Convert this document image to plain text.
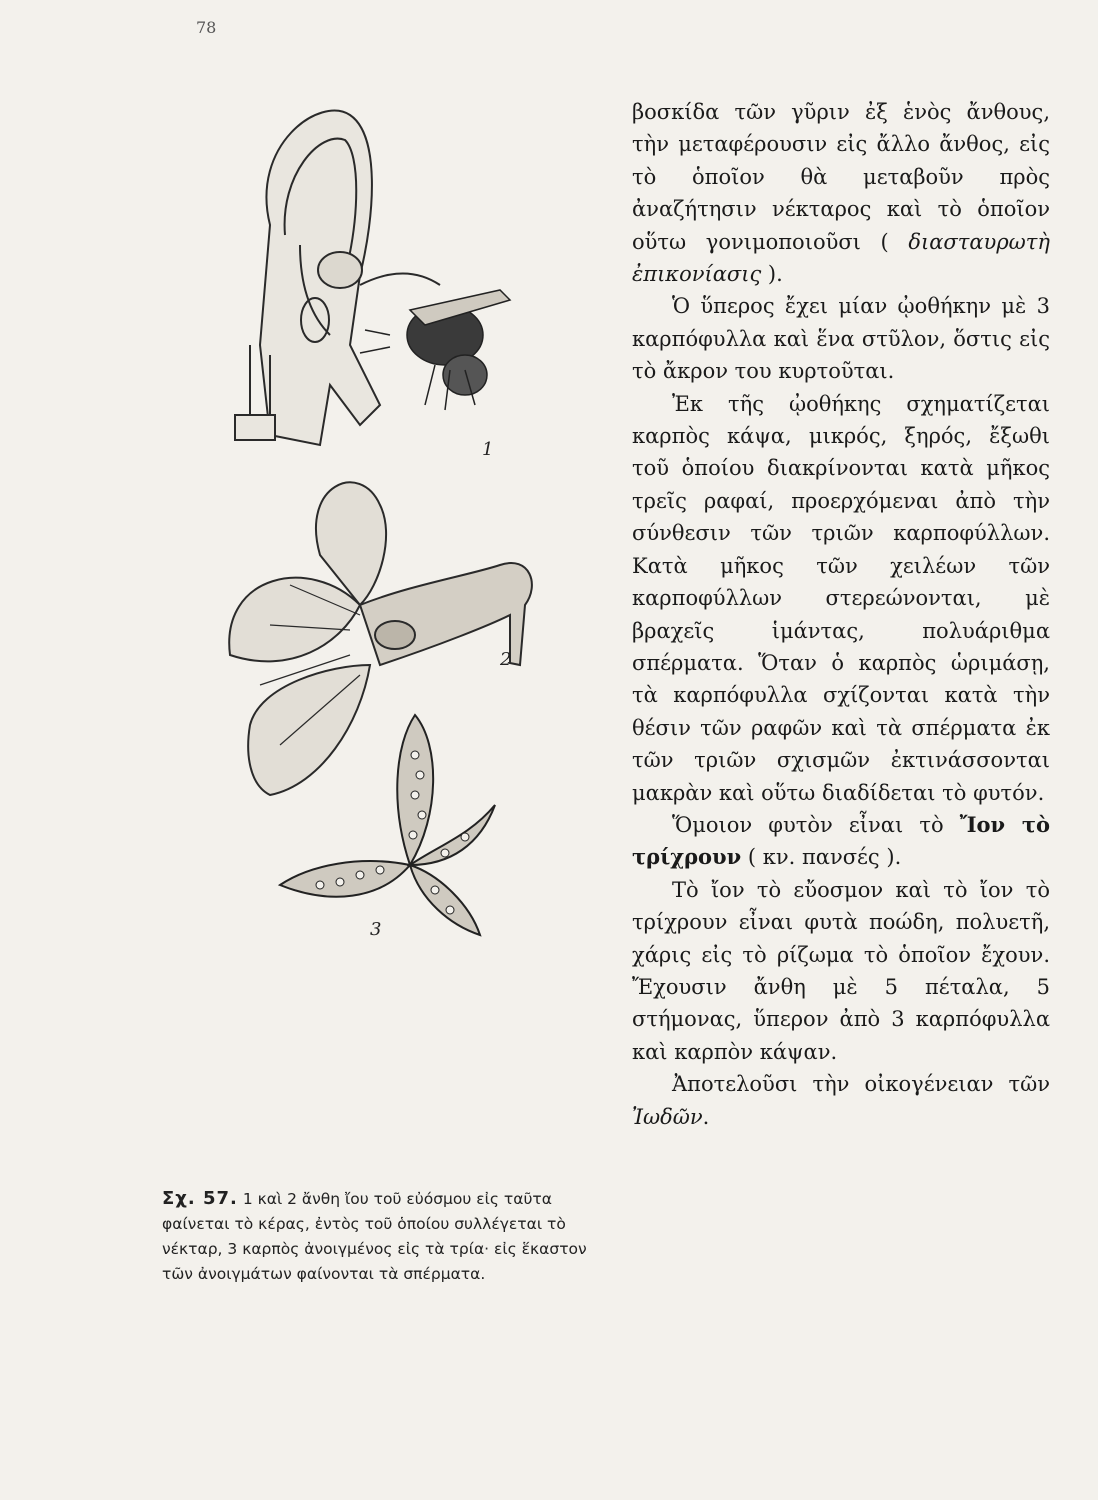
78
1
2
3
Σχ. 57. 1 καὶ 2 ἄνθη ἴου τοῦ εὐόσμου εἰς ταῦτα φαίνεται τὸ κέρας, ἐντὸς τοῦ ὁποίου συλλέγεται τὸ νέκταρ, 3 καρπὸς ἀνοιγμένος εἰς τὰ τρία· εἰς ἕκαστον τῶν ἀνοιγμάτων φαίνονται τὰ σπέρματα.

βοσκίδα τῶν γῦριν ἐξ ἑνὸς ἄνθους, τὴν μεταφέρουσιν εἰς ἄλλο ἄνθος, εἰς τὸ ὁποῖον θὰ μεταβοῦν πρὸς ἀναζήτησιν νέκταρος καὶ τὸ ὁποῖον οὕτω γονιμοποιοῦσι ( διασταυρωτὴ ἐπικονίασις ).

Ὁ ὕπερος ἔχει μίαν ᾠοθήκην μὲ 3 καρπόφυλλα καὶ ἕνα στῦλον, ὅστις εἰς τὸ ἄκρον του κυρτοῦται.

Ἐκ τῆς ᾠοθήκης σχηματίζεται καρπὸς κάψα, μικρός, ξηρός, ἔξωθι τοῦ ὁποίου διακρίνονται κατὰ μῆκος τρεῖς ραφαί, προερχόμεναι ἀπὸ τὴν σύνθεσιν τῶν τριῶν καρποφύλλων. Κατὰ μῆκος τῶν χειλέων τῶν καρποφύλλων στερεώνονται, μὲ βραχεῖς ἱμάντας, πολυάριθμα σπέρματα. Ὅταν ὁ καρπὸς ὡριμάσῃ, τὰ καρπόφυλλα σχίζονται κατὰ τὴν θέσιν τῶν ραφῶν καὶ τὰ σπέρματα ἐκ τῶν τριῶν σχισμῶν ἐκτινάσσονται μακρὰν καὶ οὕτω διαδίδεται τὸ φυτόν.

Ὅμοιον φυτὸν εἶναι τὸ Ἴον τὸ τρίχρουν ( κν. πανσές ).

Τὸ ἴον τὸ εὔοσμον καὶ τὸ ἴον τὸ τρίχρουν εἶναι φυτὰ ποώδη, πολυετῆ, χάρις εἰς τὸ ρίζωμα τὸ ὁποῖον ἔχουν. Ἔχουσιν ἄνθη μὲ 5 πέταλα, 5 στήμονας, ὕπερον ἀπὸ 3 καρπόφυλλα καὶ καρπὸν κάψαν.

Ἀποτελοῦσι τὴν οἰκογένειαν τῶν Ἰωδῶν.
